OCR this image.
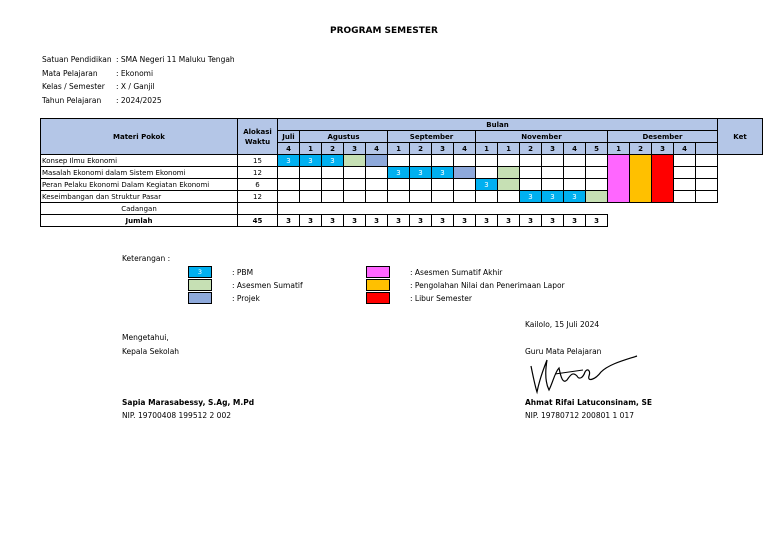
PROGRAM SEMESTER
Satuan Pendidikan : SMA Negeri 11 Maluku Tengah
Mata Pelajaran	: Ekonomi
Kelas / Semester	: X / Ganjil
Tahun Pelajaran	: 2024/2025
Materi Pokok	Alokasi Waktu	Bulan																				Ket
		Juli	Agustus				September				November						Desember					
		4	1	2	3	4	1	2	3	4	1	1	2	3	4	5	1	2	3	4		
Konsep Ilmu Ekonomi	15	3	3	3																		
Masalah Ekonomi dalam Sistem Ekonomi	12						3	3	3													
Peran Pelaku Ekonomi Dalam Kegiatan Ekonomi	6										3											
Keseimbangan dan Struktur Pasar	12												3	3	3							
Cadangan																						
Jumlah	45	3	3	3	3	3	3	3	3	3	3	3	3	3	3	3						
Keterangan :
3	: PBM
: Asesmen Sumatif
: Projek
: Asesmen Sumatif Akhir
: Pengolahan Nilai dan Penerimaan Lapor
: Libur Semester
Kailolo, 15 Juli 2024
Mengetahui,
Kepala Sekolah	Guru Mata Pelajaran
Sapia Marasabessy, S.Ag, M.Pd
NIP. 19700408 199512 2 002
Ahmat Rifai Latuconsinam, SE
NIP. 19780712 200801 1 017
